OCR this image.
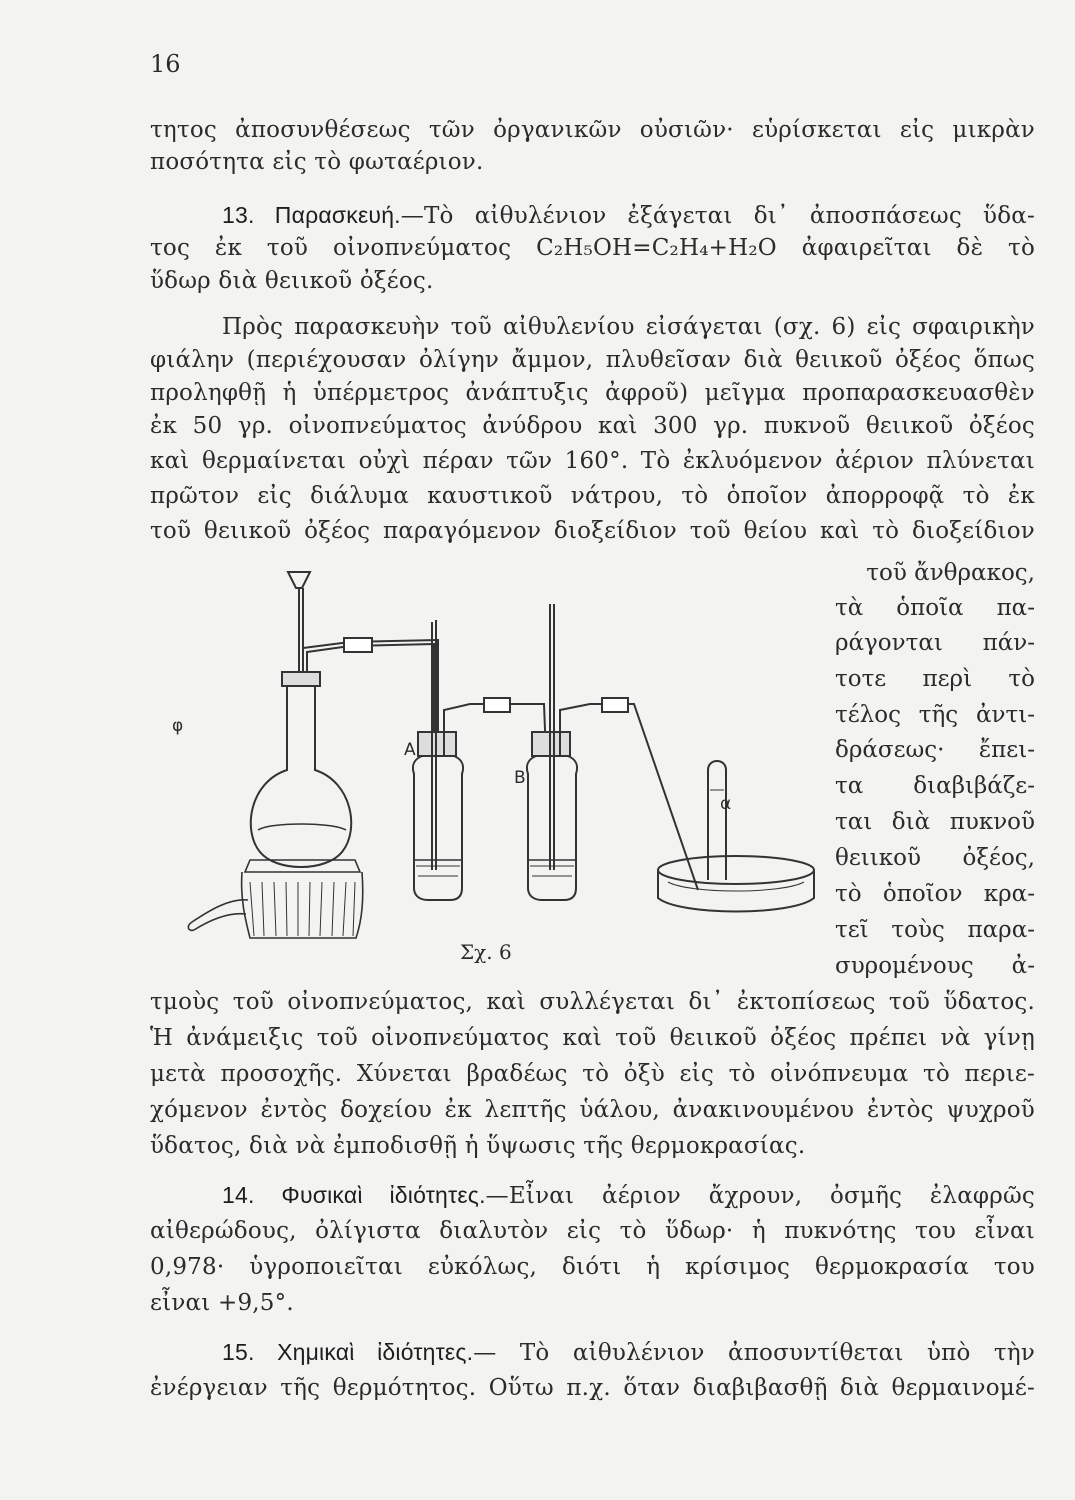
16
τητος ἀποσυνθέσεως τῶν ὀργανικῶν οὐσιῶν· εὑρίσκεται εἰς μικρὰν
ποσότητα εἰς τὸ φωταέριον.
13. Παρασκευή.—Τὸ αἰθυλένιον ἐξάγεται δι᾽ ἀποσπάσεως ὕδα-
τος ἐκ τοῦ οἰνοπνεύματος C₂H₅OH=C₂H₄+H₂O ἀφαιρεῖται δὲ τὸ
ὕδωρ διὰ θειικοῦ ὀξέος.
Πρὸς παρασκευὴν τοῦ αἰθυλενίου εἰσάγεται (σχ. 6) εἰς σφαιρικὴν
φιάλην (περιέχουσαν ὀλίγην ἄμμον, πλυθεῖσαν διὰ θειικοῦ ὀξέος ὅπως
προληφθῇ ἡ ὑπέρμετρος ἀνάπτυξις ἀφροῦ) μεῖγμα προπαρασκευασθὲν
ἐκ 50 γρ. οἰνοπνεύματος ἀνύδρου καὶ 300 γρ. πυκνοῦ θειικοῦ ὀξέος
καὶ θερμαίνεται οὐχὶ πέραν τῶν 160°. Τὸ ἐκλυόμενον ἀέριον πλύνεται
πρῶτον εἰς διάλυμα καυστικοῦ νάτρου, τὸ ὁποῖον ἀπορροφᾷ τὸ ἐκ
τοῦ θειικοῦ ὀξέος παραγόμενον διοξείδιον τοῦ θείου καὶ τὸ διοξείδιον
τοῦ ἄνθρακος,
τὰ ὁποῖα πα-
ράγονται πάν-
τοτε περὶ τὸ
τέλος τῆς ἀντι-
δράσεως· ἔπει-
τα διαβιβάζε-
ται διὰ πυκνοῦ
θειικοῦ ὀξέος,
τὸ ὁποῖον κρα-
τεῖ τοὺς παρα-
συρομένους ἀ-
φ
A
B
α
Σχ. 6
τμοὺς τοῦ οἰνοπνεύματος, καὶ συλλέγεται δι᾽ ἐκτοπίσεως τοῦ ὕδατος.
Ἡ ἀνάμειξις τοῦ οἰνοπνεύματος καὶ τοῦ θειικοῦ ὀξέος πρέπει νὰ γίνῃ
μετὰ προσοχῆς. Χύνεται βραδέως τὸ ὀξὺ εἰς τὸ οἰνόπνευμα τὸ περιε-
χόμενον ἐντὸς δοχείου ἐκ λεπτῆς ὑάλου, ἀνακινουμένου ἐντὸς ψυχροῦ
ὕδατος, διὰ νὰ ἐμποδισθῇ ἡ ὕψωσις τῆς θερμοκρασίας.
14. Φυσικαὶ ἰδιότητες.—Εἶναι ἀέριον ἄχρουν, ὀσμῆς ἐλαφρῶς
αἰθερώδους, ὀλίγιστα διαλυτὸν εἰς τὸ ὕδωρ· ἡ πυκνότης του εἶναι
0,978· ὑγροποιεῖται εὐκόλως, διότι ἡ κρίσιμος θερμοκρασία του
εἶναι +9,5°.
15. Χημικαὶ ἰδιότητες.— Τὸ αἰθυλένιον ἀποσυντίθεται ὑπὸ τὴν
ἐνέργειαν τῆς θερμότητος. Οὕτω π.χ. ὅταν διαβιβασθῇ διὰ θερμαινομέ-
